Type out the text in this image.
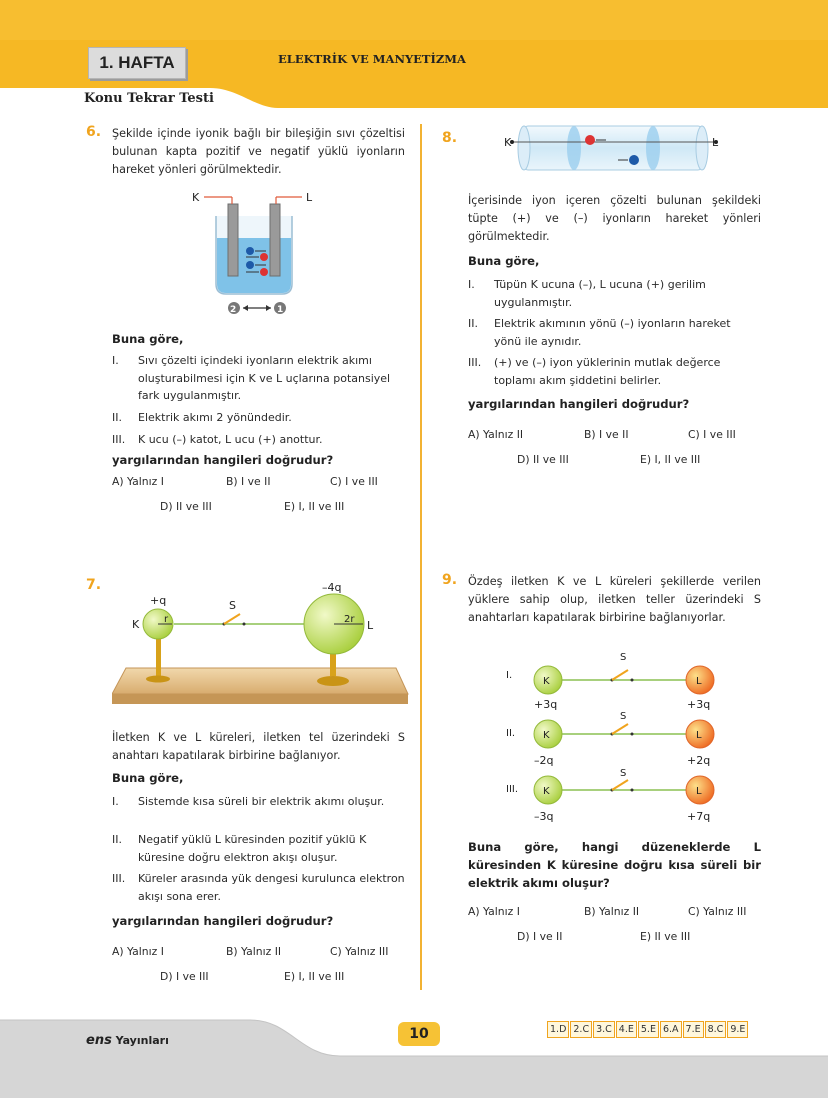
1. HAFTA	ELEKTRİK VE MANYETİZMA
Konu Tekrar Testi
6. Şekilde içinde iyonik bağlı bir bileşiğin sıvı çözeltisi bulunan kapta pozitif ve negatif yüklü iyonların hareket yönleri görülmektedir.
K	L
2	1
Buna göre,
I. Sıvı çözelti içindeki iyonların elektrik akımı oluşturabilmesi için K ve L uçlarına potansiyel fark uygulanmıştır.
II. Elektrik akımı 2 yönündedir.
III. K ucu (–) katot, L ucu (+) anottur.
yargılarından hangileri doğrudur?
A) Yalnız I	B) I ve II	C) I ve III
D) II ve III	E) I, II ve III
7.
+q
–4q
K	L
S
r	2r
İletken K ve L küreleri, iletken tel üzerindeki S anahtarı kapatılarak birbirine bağlanıyor.
Buna göre,
I. Sistemde kısa süreli bir elektrik akımı oluşur.
II. Negatif yüklü L küresinden pozitif yüklü K küresine doğru elektron akışı oluşur.
III. Küreler arasında yük dengesi kurulunca elektron akışı sona erer.
yargılarından hangileri doğrudur?
A) Yalnız I	B) Yalnız II	C) Yalnız III
D) I ve III	E) I, II ve III
8.	K	L
İçerisinde iyon içeren çözelti bulunan şekildeki tüpte (+) ve (–) iyonların hareket yönleri görülmektedir.
Buna göre,
I. Tüpün K ucuna (–), L ucuna (+) gerilim uygulanmıştır.
II. Elektrik akımının yönü (–) iyonların hareket yönü ile aynıdır.
III. (+) ve (–) iyon yüklerinin mutlak değerce toplamı akım şiddetini belirler.
yargılarından hangileri doğrudur?
A) Yalnız II	B) I ve II	C) I ve III
D) II ve III	E) I, II ve III
9. Özdeş iletken K ve L küreleri şekillerde verilen yüklere sahip olup, iletken teller üzerindeki S anahtarları kapatılarak birbirine bağlanıyorlar.
I.
K	L
S
+3q	+3q
II.	K	L
S
–2q	+2q
III. K	L
S
–3q	+7q
Buna göre, hangi düzeneklerde L küresinden K küresine doğru kısa süreli bir elektrik akımı oluşur?
A) Yalnız I	B) Yalnız II	C) Yalnız III
D) I ve II	E) II ve III
ens Yayınları	10	1.D 2.C 3.C 4.E 5.E 6.A 7.E 8.C 9.E
